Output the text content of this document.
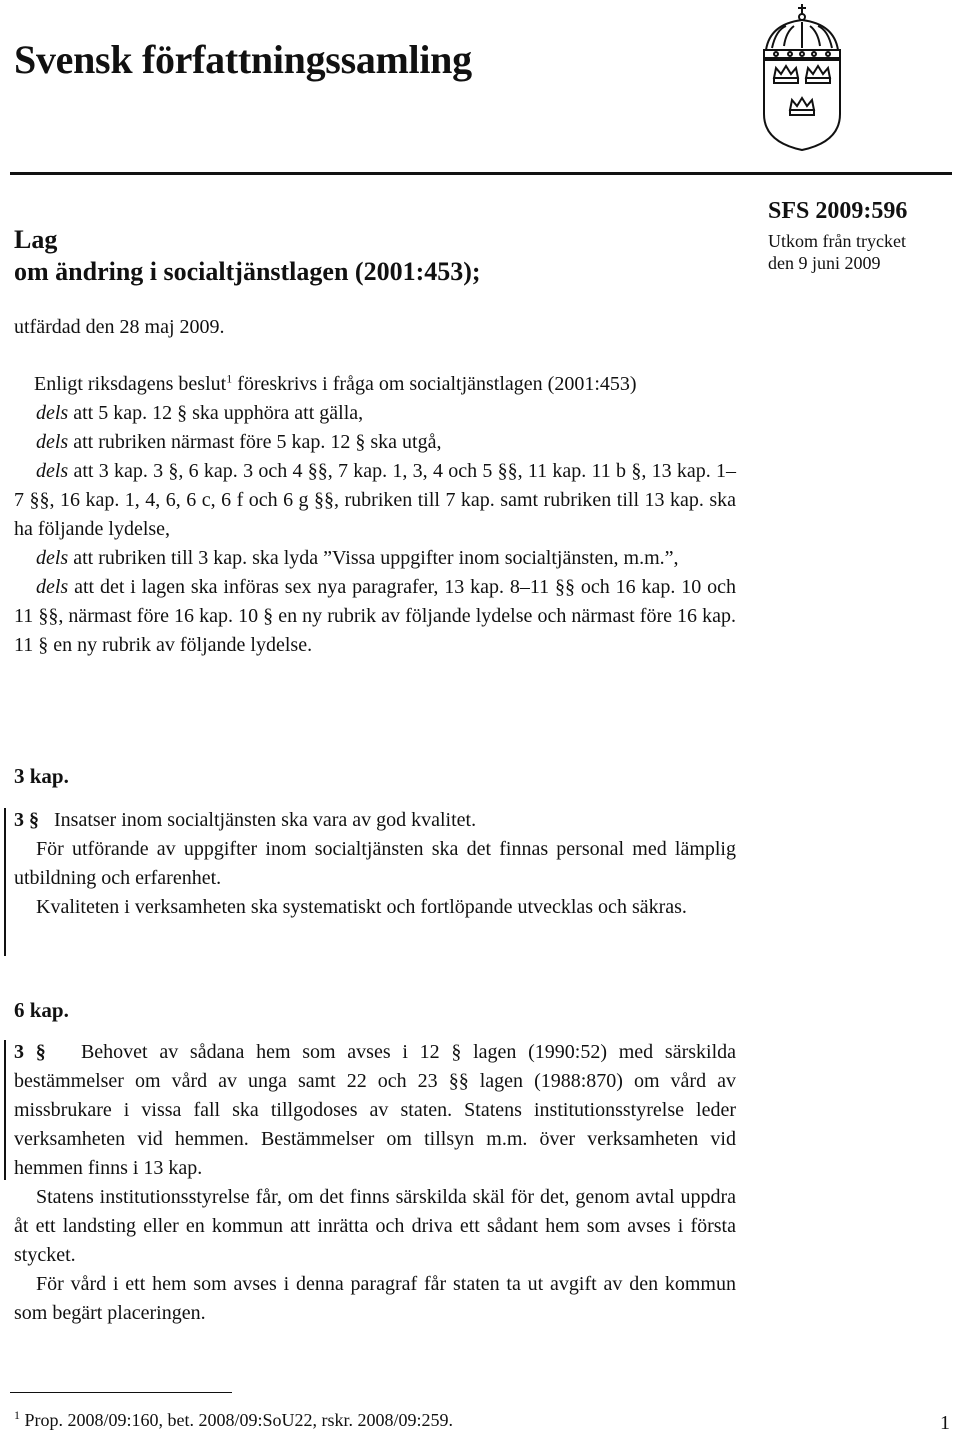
Svensk författningssamling
Lag
om ändring i socialtjänstlagen (2001:453);
SFS 2009:596
Utkom från trycket
den 9 juni 2009
utfärdad den 28 maj 2009.

Enligt riksdagens beslut$^1$ föreskrivs i fråga om socialtjänstlagen (2001:453)

dels att 5 kap. 12 § ska upphöra att gälla,

dels att rubriken närmast före 5 kap. 12 § ska utgå,

dels att 3 kap. 3 §, 6 kap. 3 och 4 §§, 7 kap. 1, 3, 4 och 5 §§, 11 kap. 11 b §, 13 kap. 1–7 §§, 16 kap. 1, 4, 6, 6 c, 6 f och 6 g §§, rubriken till 7 kap. samt rubriken till 13 kap. ska ha följande lydelse,

dels att rubriken till 3 kap. ska lyda ”Vissa uppgifter inom socialtjänsten, m.m.”,

dels att det i lagen ska införas sex nya paragrafer, 13 kap. 8–11 §§ och 16 kap. 10 och 11 §§, närmast före 16 kap. 10 § en ny rubrik av följande lydelse och närmast före 16 kap. 11 § en ny rubrik av följande lydelse.

3 kap.

3 § Insatser inom socialtjänsten ska vara av god kvalitet.

För utförande av uppgifter inom socialtjänsten ska det finnas personal med lämplig utbildning och erfarenhet.

Kvaliteten i verksamheten ska systematiskt och fortlöpande utvecklas och säkras.

6 kap.

3 § Behovet av sådana hem som avses i 12 § lagen (1990:52) med särskilda bestämmelser om vård av unga samt 22 och 23 §§ lagen (1988:870) om vård av missbrukare i vissa fall ska tillgodoses av staten. Statens institutionsstyrelse leder verksamheten vid hemmen. Bestämmelser om tillsyn m.m. över verksamheten vid hemmen finns i 13 kap.

Statens institutionsstyrelse får, om det finns särskilda skäl för det, genom avtal uppdra åt ett landsting eller en kommun att inrätta och driva ett sådant hem som avses i första stycket.

För vård i ett hem som avses i denna paragraf får staten ta ut avgift av den kommun som begärt placeringen.

$^1$ Prop. 2008/09:160, bet. 2008/09:SoU22, rskr. 2008/09:259.	1
